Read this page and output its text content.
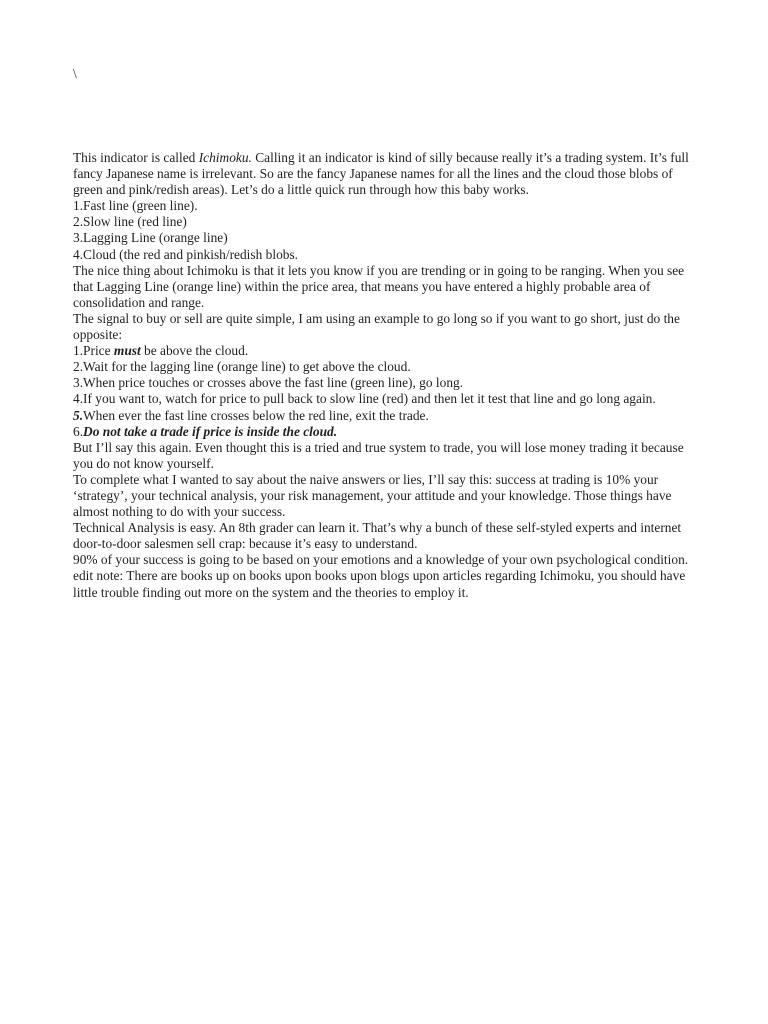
\

This indicator is called Ichimoku. Calling it an indicator is kind of silly because really it’s a trading system. It’s full fancy Japanese name is irrelevant. So are the fancy Japanese names for all the lines and the cloud those blobs of green and pink/redish areas). Let’s do a little quick run through how this baby works.

1.Fast line (green line).

2.Slow line (red line)

3.Lagging Line (orange line)

4.Cloud (the red and pinkish/redish blobs.

The nice thing about Ichimoku is that it lets you know if you are trending or in going to be ranging. When you see that Lagging Line (orange line) within the price area, that means you have entered a highly probable area of consolidation and range.

The signal to buy or sell are quite simple, I am using an example to go long so if you want to go short, just do the opposite:

1.Price must be above the cloud.

2.Wait for the lagging line (orange line) to get above the cloud.

3.When price touches or crosses above the fast line (green line), go long.

4.If you want to, watch for price to pull back to slow line (red) and then let it test that line and go long again.

5.When ever the fast line crosses below the red line, exit the trade.

6.Do not take a trade if price is inside the cloud.

But I’ll say this again. Even thought this is a tried and true system to trade, you will lose money trading it because you do not know yourself.

To complete what I wanted to say about the naive answers or lies, I’ll say this: success at trading is 10% your ‘strategy’, your technical analysis, your risk management, your attitude and your knowledge. Those things have almost nothing to do with your success.

Technical Analysis is easy. An 8th grader can learn it. That’s why a bunch of these self-styled experts and internet door-to-door salesmen sell crap: because it’s easy to understand.

90% of your success is going to be based on your emotions and a knowledge of your own psychological condition.

edit note: There are books up on books upon books upon blogs upon articles regarding Ichimoku, you should have little trouble finding out more on the system and the theories to employ it.
